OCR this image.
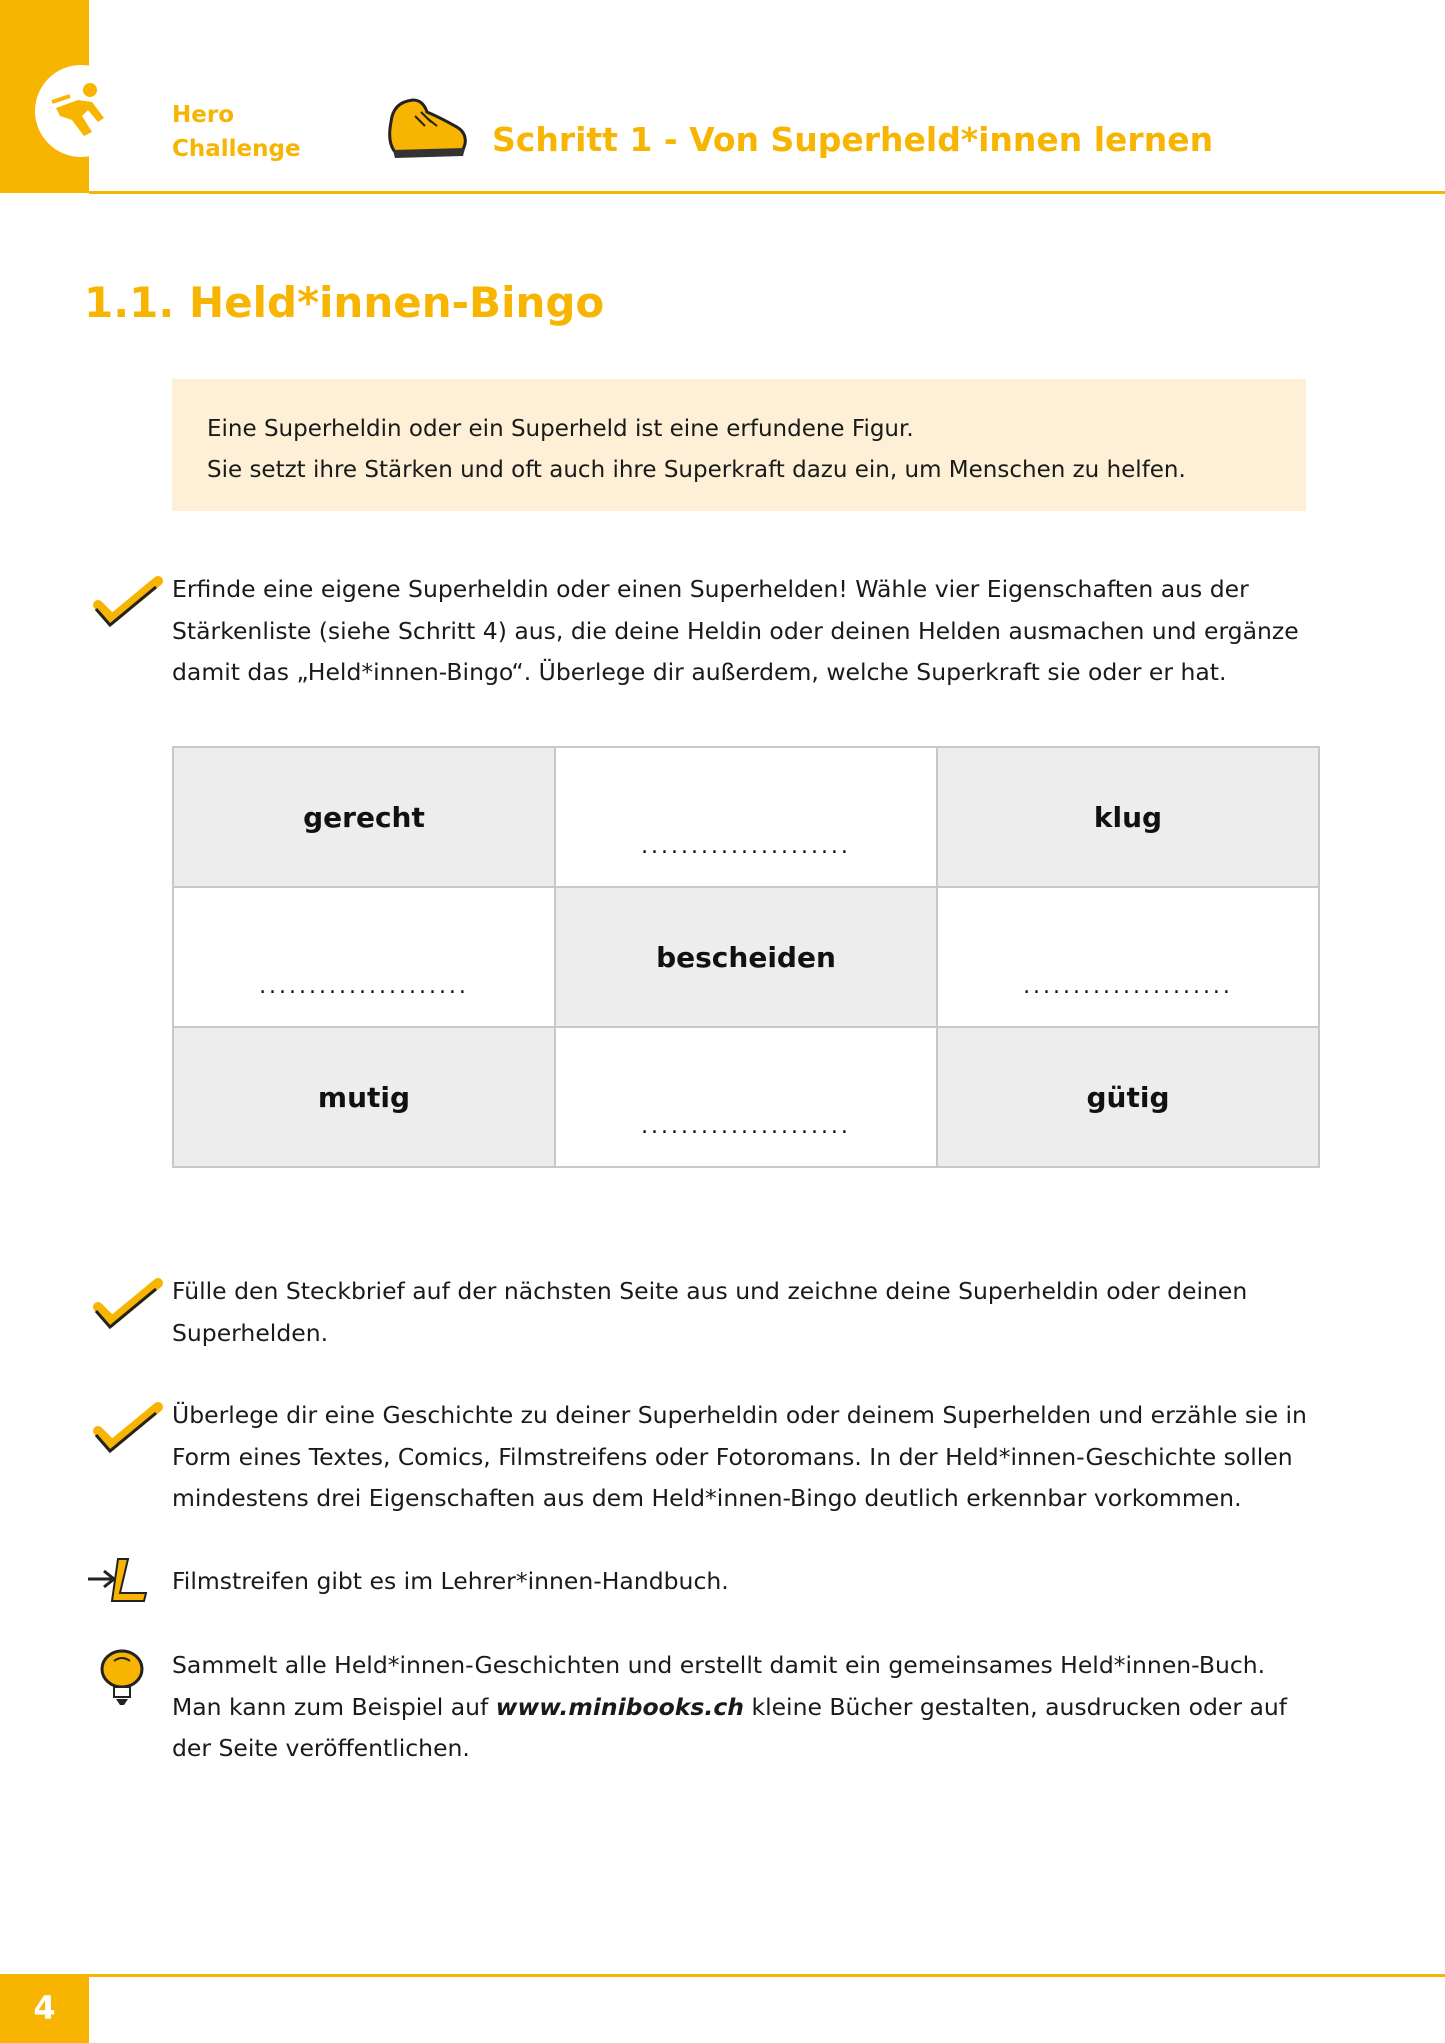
Hero
Challenge	Schritt 1 - Von Superheld*innen lernen
1.1. Held*innen-Bingo
Eine Superheldin oder ein Superheld ist eine erfundene Figur.
Sie setzt ihre Stärken und oft auch ihre Superkraft dazu ein, um Menschen zu helfen.
Erfinde eine eigene Superheldin oder einen Superhelden! Wähle vier Eigenschaften aus der
Stärkenliste (siehe Schritt 4) aus, die deine Heldin oder deinen Helden ausmachen und ergänze
damit das „Held*innen-Bingo“. Überlege dir außerdem, welche Superkraft sie oder er hat.
gerecht	.....................	klug
.....................	bescheiden	.....................
mutig	.....................	gütig
Fülle den Steckbrief auf der nächsten Seite aus und zeichne deine Superheldin oder deinen
Superhelden.
Überlege dir eine Geschichte zu deiner Superheldin oder deinem Superhelden und erzähle sie in
Form eines Textes, Comics, Filmstreifens oder Fotoromans. In der Held*innen-Geschichte sollen
mindestens drei Eigenschaften aus dem Held*innen-Bingo deutlich erkennbar vorkommen.
Filmstreifen gibt es im Lehrer*innen-Handbuch.
Sammelt alle Held*innen-Geschichten und erstellt damit ein gemeinsames Held*innen-Buch.
Man kann zum Beispiel auf www.minibooks.ch kleine Bücher gestalten, ausdrucken oder auf
der Seite veröffentlichen.
4
